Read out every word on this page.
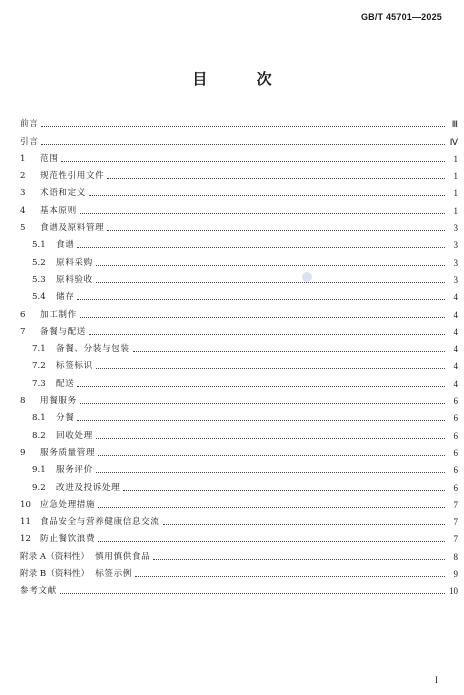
GB/T 45701—2025
目 次
前言	Ⅲ
引言	Ⅳ
1	范围	1
2	规范性引用文件	1
3	术语和定义	1
4	基本原则	1
5	食谱及原料管理	3
5.1	食谱	3
5.2	原料采购	3
5.3	原料验收	3
5.4	储存	4
6	加工制作	4
7	备餐与配送	4
7.1	备餐、分装与包装	4
7.2	标签标识	4
7.3	配送	4
8	用餐服务	6
8.1	分餐	6
8.2	回收处理	6
9	服务质量管理	6
9.1	服务评价	6
9.2	改进及投诉处理	6
10	应急处理措施	7
11	食品安全与营养健康信息交流	7
12	防止餐饮浪费	7
附录 A（资料性） 慎用慎供食品	8
附录 B（资料性） 标签示例	9
参考文献	10
I
